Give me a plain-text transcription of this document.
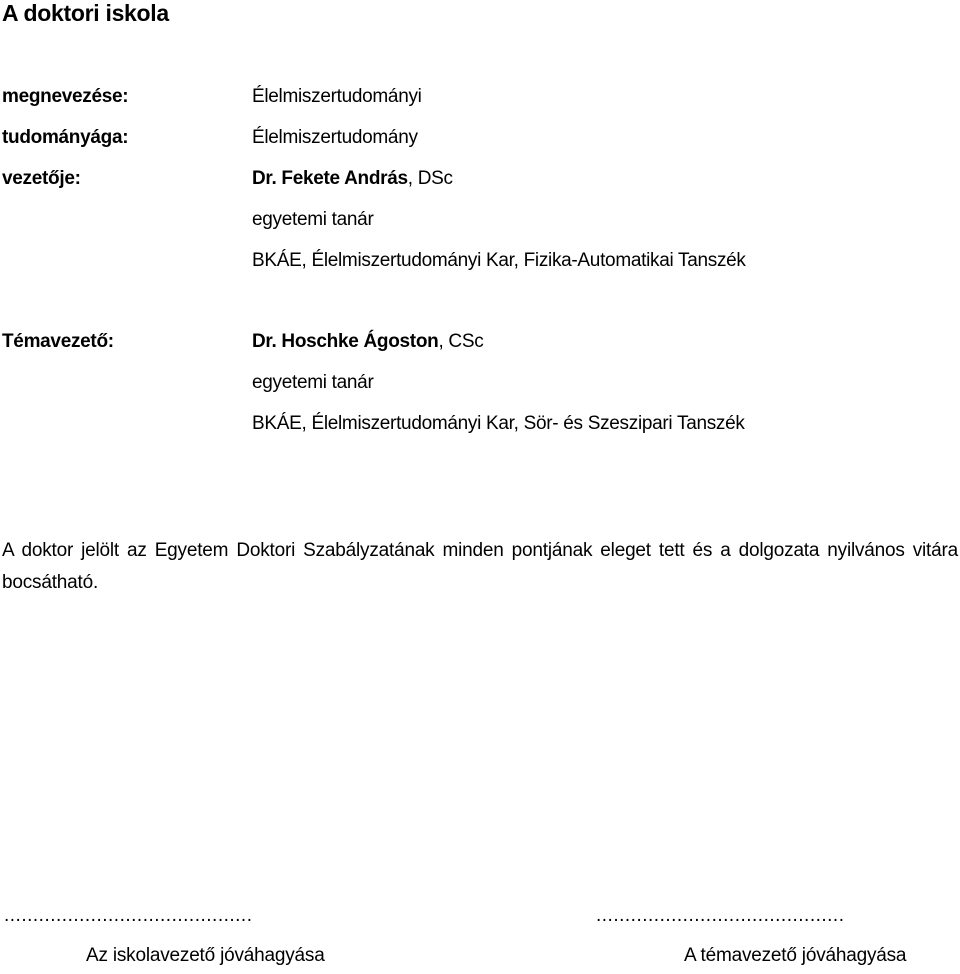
A doktori iskola
megnevezése:	Élelmiszertudományi
tudományága:	Élelmiszertudomány
vezetője:	Dr. Fekete András, DSc
egyetemi tanár
BKÁE, Élelmiszertudományi Kar, Fizika-Automatikai Tanszék
Témavezető:	Dr. Hoschke Ágoston, CSc
egyetemi tanár
BKÁE, Élelmiszertudományi Kar, Sör- és Szeszipari Tanszék
A doktor jelölt az Egyetem Doktori Szabályzatának minden pontjának eleget tett és a dolgozata nyilvános vitára bocsátható.
...........................................	...........................................
Az iskolavezető jóváhagyása	A témavezető jóváhagyása
